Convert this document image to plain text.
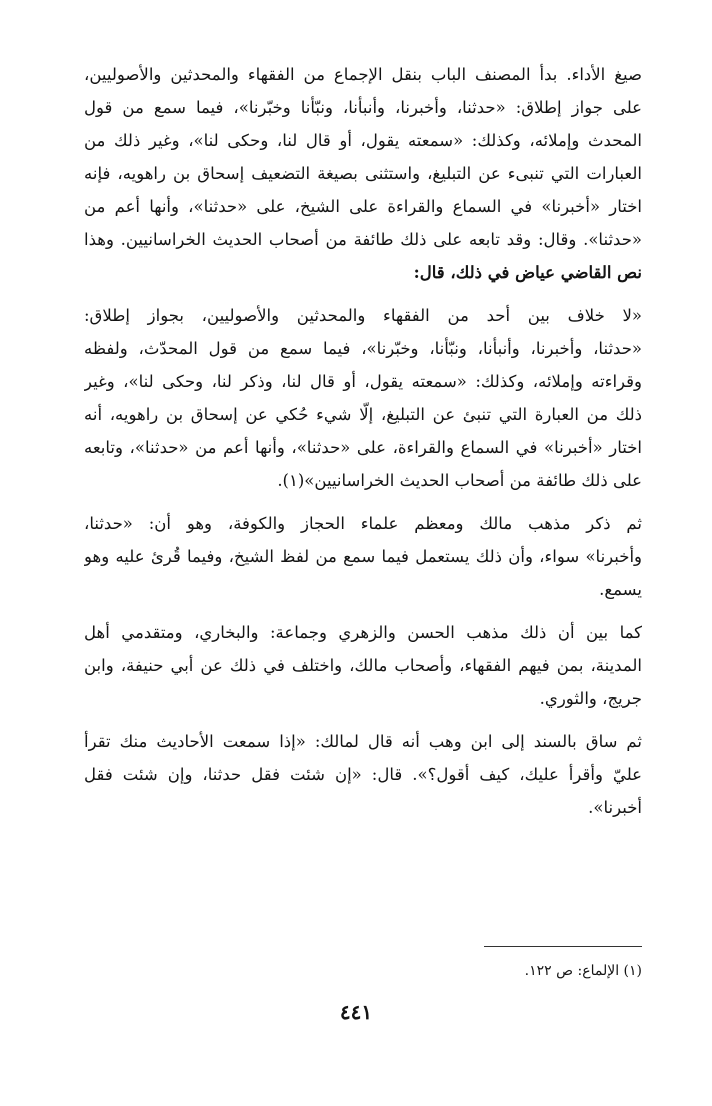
صيغ الأداء. بدأ المصنف الباب بنقل الإجماع من الفقهاء والمحدثين والأصوليين،
على جواز إطلاق: «حدثنا، وأخبرنا، وأنبأنا، ونبّأنا وخبّرنا»، فيما سمع من قول
المحدث وإملائه، وكذلك: «سمعته يقول، أو قال لنا، وحكى لنا»، وغير ذلك من
العبارات التي تنبىء عن التبليغ، واستثنى بصيغة التضعيف إسحاق بن راهويه، فإنه
اختار «أخبرنا» في السماع والقراءة على الشيخ، على «حدثنا»، وأنها أعم من
«حدثنا». وقال: وقد تابعه على ذلك طائفة من أصحاب الحديث الخراسانيين. وهذا
نص القاضي عياض في ذلك، قال:
«لا خلاف بين أحد من الفقهاء والمحدثين والأصوليين، بجواز إطلاق:
«حدثنا، وأخبرنا، وأنبأنا، ونبّأنا، وخبّرنا»، فيما سمع من قول المحدّث، ولفظه
وقراءته وإملائه، وكذلك: «سمعته يقول، أو قال لنا، وذكر لنا، وحكى لنا»، وغير
ذلك من العبارة التي تنبئ عن التبليغ، إلّا شيء حُكي عن إسحاق بن راهويه، أنه
اختار «أخبرنا» في السماع والقراءة، على «حدثنا»، وأنها أعم من «حدثنا»، وتابعه
على ذلك طائفة من أصحاب الحديث الخراسانيين»(١).
ثم ذكر مذهب مالك ومعظم علماء الحجاز والكوفة، وهو أن: «حدثنا،
وأخبرنا» سواء، وأن ذلك يستعمل فيما سمع من لفظ الشيخ، وفيما قُرئ عليه وهو
يسمع.
كما بين أن ذلك مذهب الحسن والزهري وجماعة: والبخاري، ومتقدمي أهل
المدينة، بمن فيهم الفقهاء، وأصحاب مالك، واختلف في ذلك عن أبي حنيفة، وابن
جريج، والثوري.
ثم ساق بالسند إلى ابن وهب أنه قال لمالك: «إذا سمعت الأحاديث منك تقرأ
عليّ وأقرأ عليك، كيف أقول؟». قال: «إن شئت فقل حدثنا، وإن شئت فقل
أخبرنا».
(١) الإلماع: ص ١٢٢.
٤٤١
